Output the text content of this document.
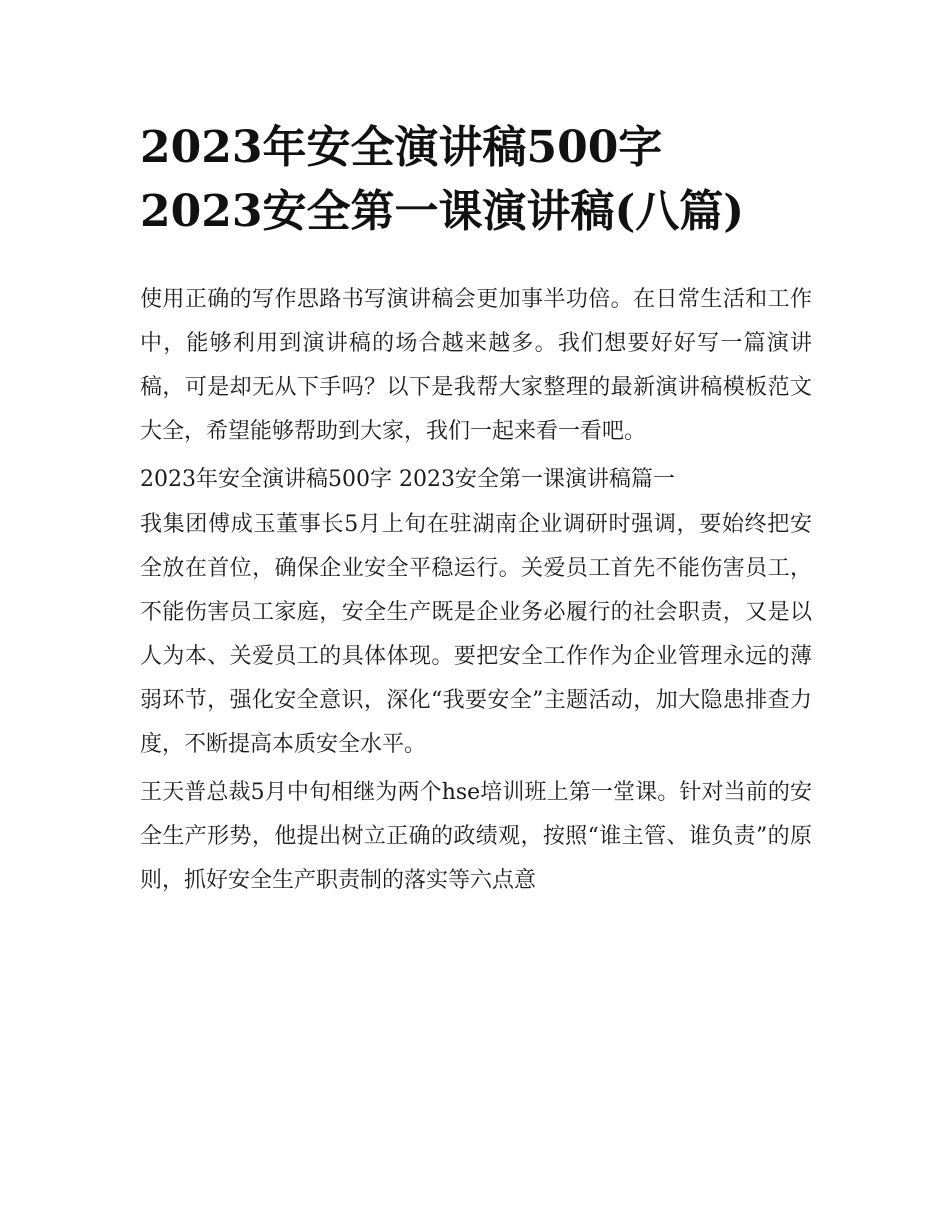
2023年安全演讲稿500字
2023安全第一课演讲稿(八篇)

使用正确的写作思路书写演讲稿会更加事半功倍。在日常生活和工作中，能够利用到演讲稿的场合越来越多。我们想要好好写一篇演讲稿，可是却无从下手吗？以下是我帮大家整理的最新演讲稿模板范文大全，希望能够帮助到大家，我们一起来看一看吧。

2023年安全演讲稿500字 2023安全第一课演讲稿篇一

我集团傅成玉董事长5月上旬在驻湖南企业调研时强调，要始终把安全放在首位，确保企业安全平稳运行。关爱员工首先不能伤害员工，不能伤害员工家庭，安全生产既是企业务必履行的社会职责，又是以人为本、关爱员工的具体体现。要把安全工作作为企业管理永远的薄弱环节，强化安全意识，深化“我要安全”主题活动，加大隐患排查力度，不断提高本质安全水平。

王天普总裁5月中旬相继为两个hse培训班上第一堂课。针对当前的安全生产形势，他提出树立正确的政绩观，按照“谁主管、谁负责”的原则，抓好安全生产职责制的落实等六点意
